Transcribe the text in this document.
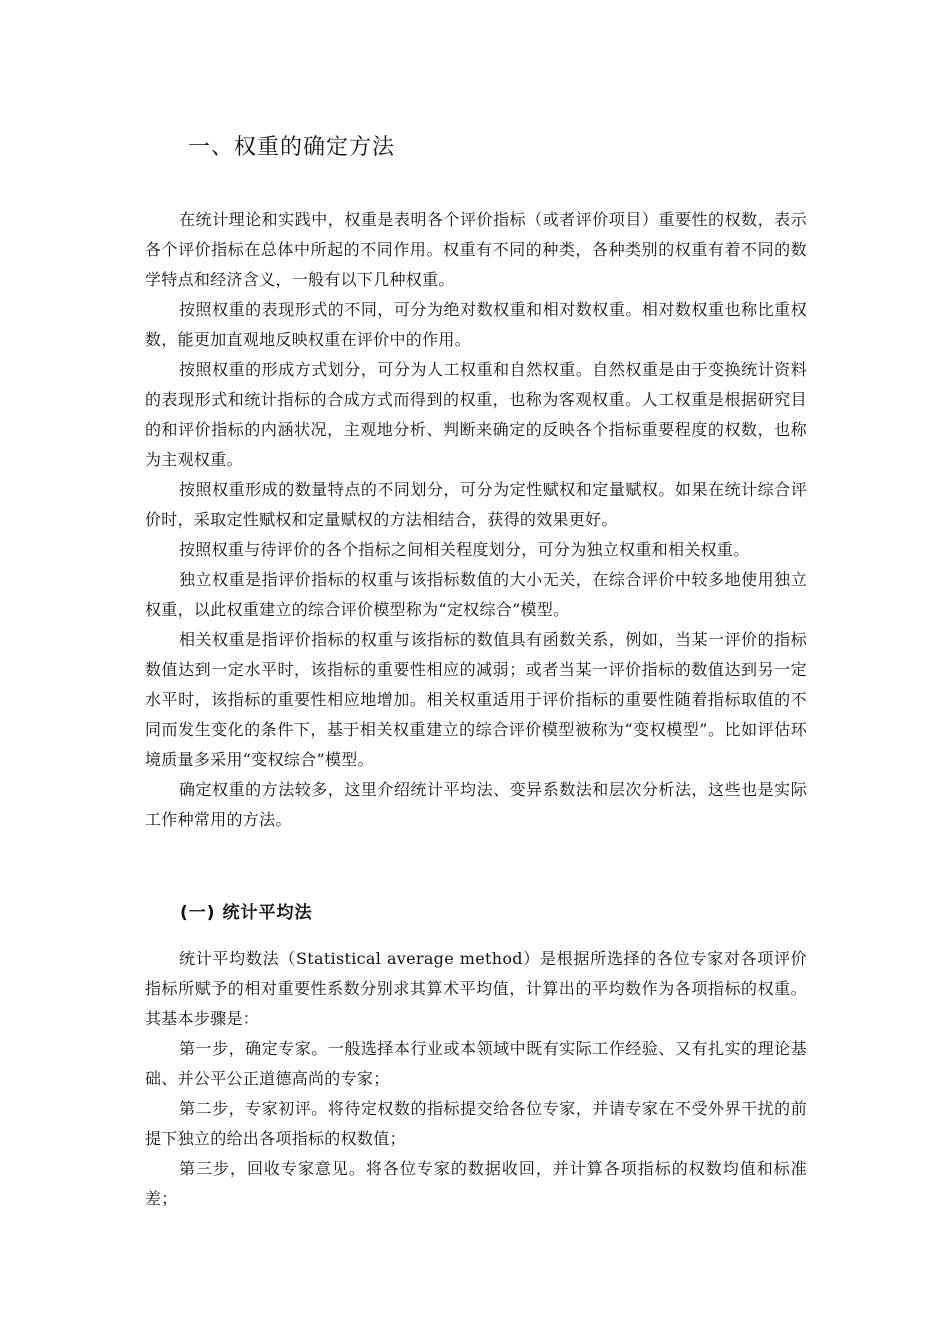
一、权重的确定方法

在统计理论和实践中，权重是表明各个评价指标（或者评价项目）重要性的权数，表示各个评价指标在总体中所起的不同作用。权重有不同的种类，各种类别的权重有着不同的数学特点和经济含义，一般有以下几种权重。

按照权重的表现形式的不同，可分为绝对数权重和相对数权重。相对数权重也称比重权数，能更加直观地反映权重在评价中的作用。

按照权重的形成方式划分，可分为人工权重和自然权重。自然权重是由于变换统计资料的表现形式和统计指标的合成方式而得到的权重，也称为客观权重。人工权重是根据研究目的和评价指标的内涵状况，主观地分析、判断来确定的反映各个指标重要程度的权数，也称为主观权重。

按照权重形成的数量特点的不同划分，可分为定性赋权和定量赋权。如果在统计综合评价时，采取定性赋权和定量赋权的方法相结合，获得的效果更好。

按照权重与待评价的各个指标之间相关程度划分，可分为独立权重和相关权重。

独立权重是指评价指标的权重与该指标数值的大小无关，在综合评价中较多地使用独立权重，以此权重建立的综合评价模型称为“定权综合”模型。

相关权重是指评价指标的权重与该指标的数值具有函数关系，例如，当某一评价的指标数值达到一定水平时，该指标的重要性相应的减弱；或者当某一评价指标的数值达到另一定水平时，该指标的重要性相应地增加。相关权重适用于评价指标的重要性随着指标取值的不同而发生变化的条件下，基于相关权重建立的综合评价模型被称为“变权模型”。比如评估环境质量多采用“变权综合”模型。

确定权重的方法较多，这里介绍统计平均法、变异系数法和层次分析法，这些也是实际工作种常用的方法。

(一) 统计平均法

统计平均数法（Statistical average method）是根据所选择的各位专家对各项评价指标所赋予的相对重要性系数分别求其算术平均值，计算出的平均数作为各项指标的权重。其基本步骤是：

第一步，确定专家。一般选择本行业或本领域中既有实际工作经验、又有扎实的理论基础、并公平公正道德高尚的专家；

第二步，专家初评。将待定权数的指标提交给各位专家，并请专家在不受外界干扰的前提下独立的给出各项指标的权数值；

第三步，回收专家意见。将各位专家的数据收回，并计算各项指标的权数均值和标准差；
